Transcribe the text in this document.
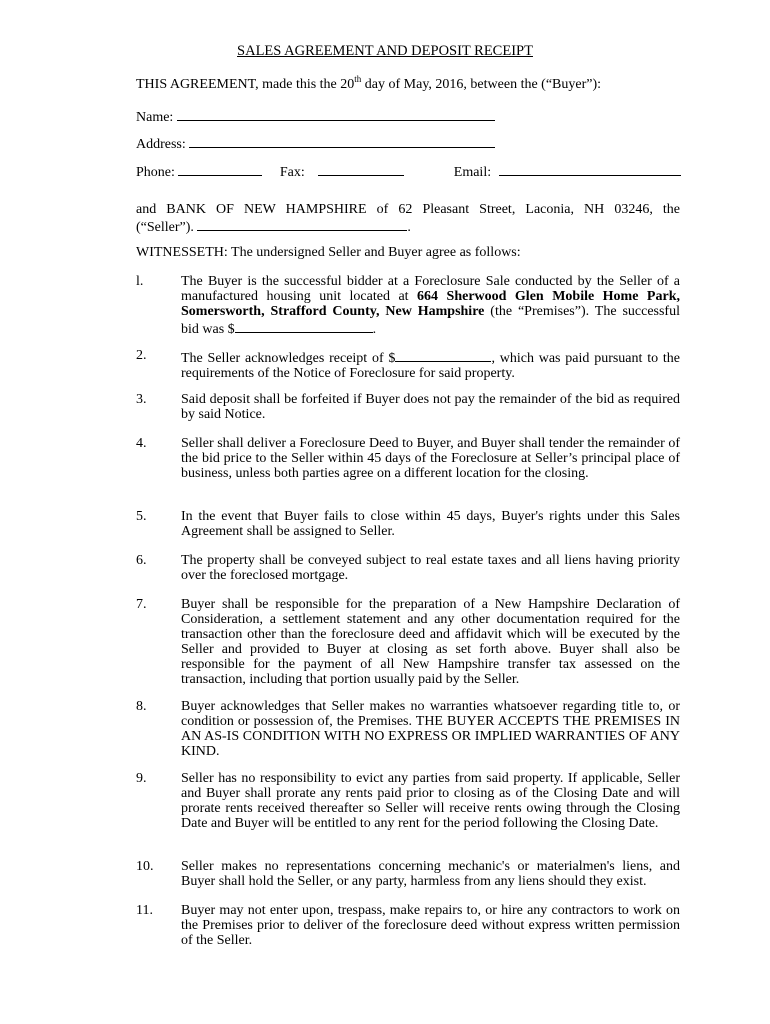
SALES AGREEMENT AND DEPOSIT RECEIPT
THIS AGREEMENT, made this the 20th day of May, 2016, between the (“Buyer”):
Name:
Address:
Phone:	Fax:	Email:
and BANK OF NEW HAMPSHIRE of 62 Pleasant Street, Laconia, NH 03246, the
(“Seller”).	.
WITNESSETH: The undersigned Seller and Buyer agree as follows:
l.	The Buyer is the successful bidder at a Foreclosure Sale conducted by the Seller of a manufactured housing unit located at 664 Sherwood Glen Mobile Home Park, Somersworth, Strafford County, New Hampshire (the “Premises”). The successful bid was $	.
2.	The Seller acknowledges receipt of $	, which was paid pursuant to the requirements of the Notice of Foreclosure for said property.
3.	Said deposit shall be forfeited if Buyer does not pay the remainder of the bid as required by said Notice.
4.	Seller shall deliver a Foreclosure Deed to Buyer, and Buyer shall tender the remainder of the bid price to the Seller within 45 days of the Foreclosure at Seller’s principal place of business, unless both parties agree on a different location for the closing.
5.	In the event that Buyer fails to close within 45 days, Buyer's rights under this Sales Agreement shall be assigned to Seller.
6.	The property shall be conveyed subject to real estate taxes and all liens having priority over the foreclosed mortgage.
7.	Buyer shall be responsible for the preparation of a New Hampshire Declaration of Consideration, a settlement statement and any other documentation required for the transaction other than the foreclosure deed and affidavit which will be executed by the Seller and provided to Buyer at closing as set forth above. Buyer shall also be responsible for the payment of all New Hampshire transfer tax assessed on the transaction, including that portion usually paid by the Seller.
8.	Buyer acknowledges that Seller makes no warranties whatsoever regarding title to, or condition or possession of, the Premises. THE BUYER ACCEPTS THE PREMISES IN AN AS-IS CONDITION WITH NO EXPRESS OR IMPLIED WARRANTIES OF ANY KIND.
9.	Seller has no responsibility to evict any parties from said property. If applicable, Seller and Buyer shall prorate any rents paid prior to closing as of the Closing Date and will prorate rents received thereafter so Seller will receive rents owing through the Closing Date and Buyer will be entitled to any rent for the period following the Closing Date.
10.	Seller makes no representations concerning mechanic's or materialmen's liens, and Buyer shall hold the Seller, or any party, harmless from any liens should they exist.
11.	Buyer may not enter upon, trespass, make repairs to, or hire any contractors to work on the Premises prior to deliver of the foreclosure deed without express written permission of the Seller.
